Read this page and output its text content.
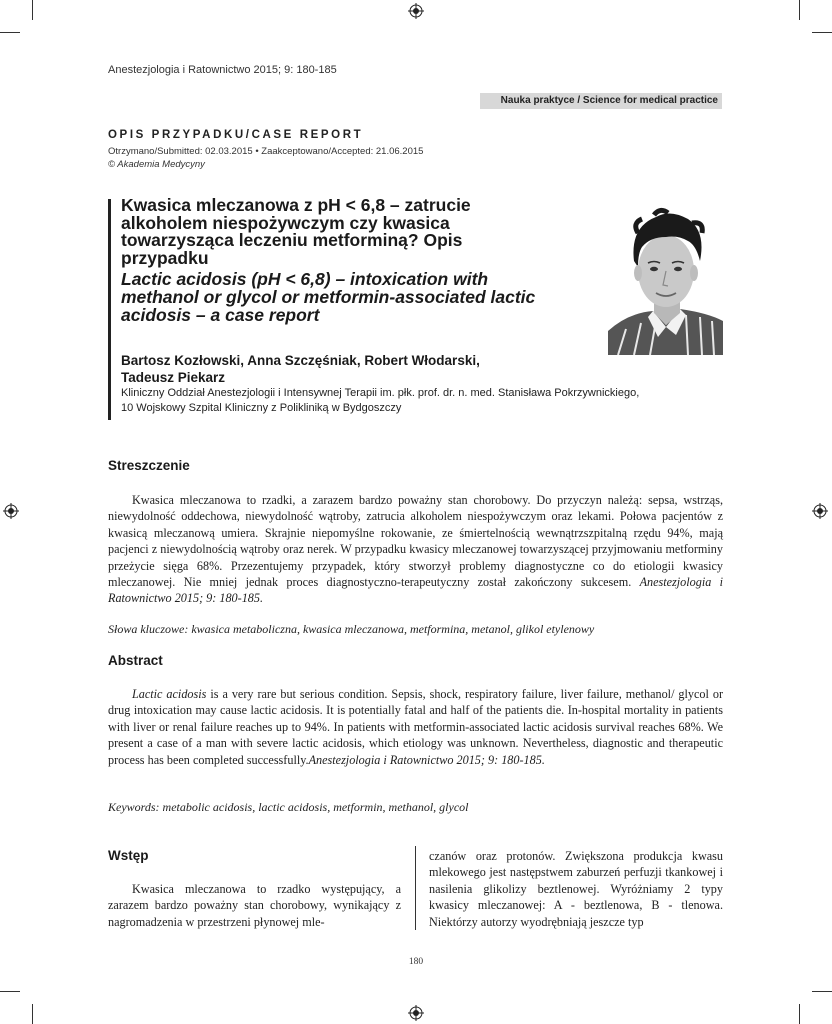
Anestezjologia i Ratownictwo 2015; 9: 180-185
Nauka praktyce / Science for medical practice
OPIS PRZYPADKU/CASE REPORT
Otrzymano/Submitted: 02.03.2015 • Zaakceptowano/Accepted: 21.06.2015
© Akademia Medycyny
Kwasica mleczanowa z pH < 6,8 – zatrucie
alkoholem niespożywczym czy kwasica
towarzysząca leczeniu metforminą? Opis
przypadku
Lactic acidosis (pH < 6,8) – intoxication with
methanol or glycol or metformin-associated lactic
acidosis – a case report
Bartosz Kozłowski, Anna Szczęśniak, Robert Włodarski,
Tadeusz Piekarz
Kliniczny Oddział Anestezjologii i Intensywnej Terapii im. płk. prof. dr. n. med. Stanisława Pokrzywnickiego,
10 Wojskowy Szpital Kliniczny z Polikliniką w Bydgoszczy
Streszczenie

Kwasica mleczanowa to rzadki, a zarazem bardzo poważny stan chorobowy. Do przyczyn należą: sepsa, wstrząs, niewydolność oddechowa, niewydolność wątroby, zatrucia alkoholem niespożywczym oraz lekami. Połowa pacjentów z kwasicą mleczanową umiera. Skrajnie niepomyślne rokowanie, ze śmiertelnością wewnątrzszpitalną rzędu 94%, mają pacjenci z niewydolnością wątroby oraz nerek. W przypadku kwasicy mleczanowej towarzyszącej przyjmowaniu metforminy przeżycie sięga 68%. Przezentujemy przypadek, który stworzył problemy diagnostyczne co do etiologii kwasicy mleczanowej. Nie mniej jednak proces diagnostyczno-terapeutyczny został zakończony sukcesem. Anestezjologia i Ratownictwo 2015; 9: 180-185.

Słowa kluczowe: kwasica metaboliczna, kwasica mleczanowa, metformina, metanol, glikol etylenowy
Abstract

Lactic acidosis is a very rare but serious condition. Sepsis, shock, respiratory failure, liver failure, methanol/ glycol or drug intoxication may cause lactic acidosis. It is potentially fatal and half of the patients die. In-hospital mortality in patients with liver or renal failure reaches up to 94%. In patients with metformin-associated lactic acidosis survival reaches 68%. We present a case of a man with severe lactic acidosis, which etiology was unknown. Nevertheless, diagnostic and therapeutic process has been completed successfully.Anestezjologia i Ratownictwo 2015; 9: 180-185.

Keywords: metabolic acidosis, lactic acidosis, metformin, methanol, glycol
Wstęp

Kwasica mleczanowa to rzadko występujący, a zarazem bardzo poważny stan chorobowy, wynikający z nagromadzenia w przestrzeni płynowej mle-

czanów oraz protonów. Zwiększona produkcja kwasu mlekowego jest następstwem zaburzeń perfuzji tkankowej i nasilenia glikolizy beztlenowej. Wyróżniamy 2 typy kwasicy mleczanowej: A - beztlenowa, B - tlenowa. Niektórzy autorzy wyodrębniają jeszcze typ

180
